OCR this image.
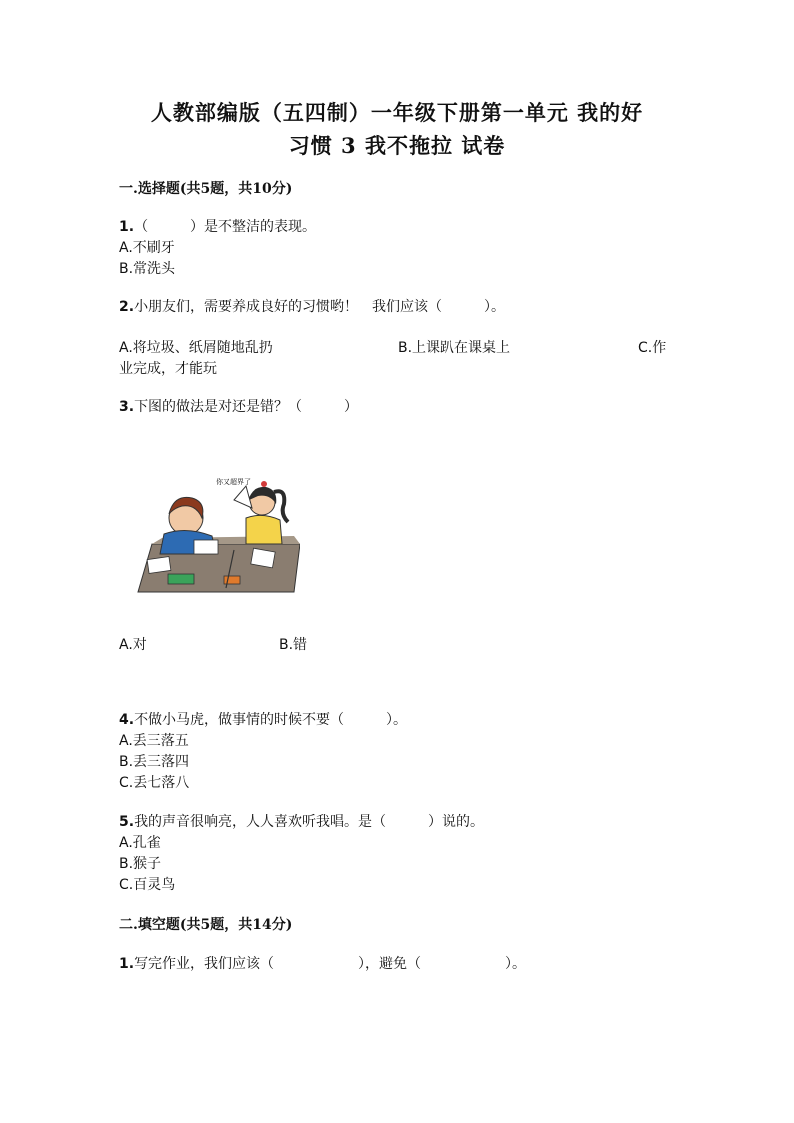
人教部编版（五四制）一年级下册第一单元 我的好
习惯 3 我不拖拉 试卷
一.选择题(共5题，共10分)
1.（　　　）是不整洁的表现。
A.不刷牙
B.常洗头
2.小朋友们，需要养成良好的习惯哟！　我们应该（　　　）。
A.将垃圾、纸屑随地乱扔	B.上课趴在课桌上	C.作
业完成，才能玩
3.下图的做法是对还是错？（　　　）
你又超界了
A.对	B.错
4.不做小马虎，做事情的时候不要（　　　）。
A.丢三落五
B.丢三落四
C.丢七落八
5.我的声音很响亮，人人喜欢听我唱。是（　　　）说的。
A.孔雀
B.猴子
C.百灵鸟
二.填空题(共5题，共14分)
1.写完作业，我们应该（　　　　　　），避免（　　　　　　）。
